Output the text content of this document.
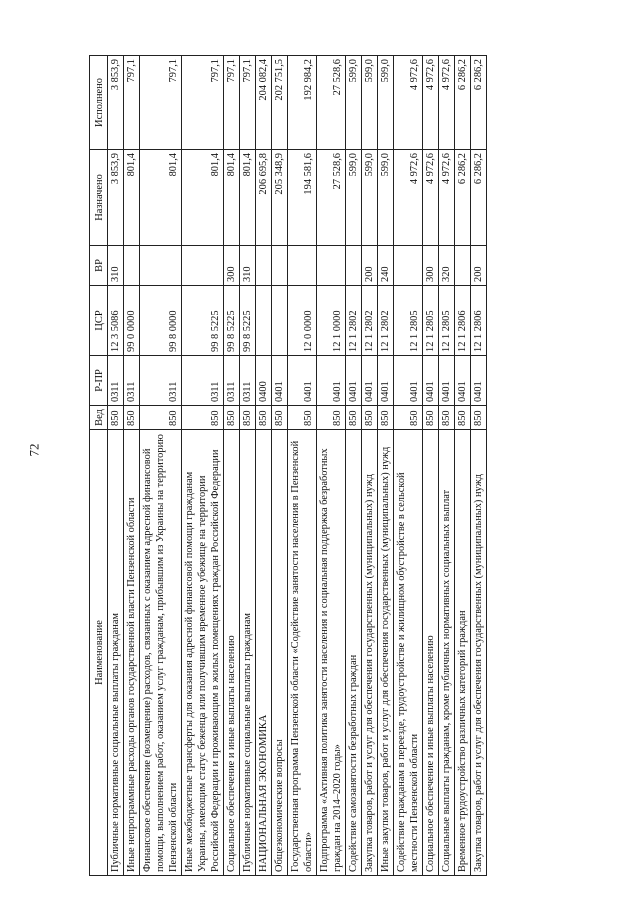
72
Наименование	Вед	Р-ПР	ЦСР	ВР	Назначено	Исполнено
Публичные нормативные социальные выплаты гражданам	850	0311	12 3 5086	310	3 853,9	3 853,9
Иные непрограммные расходы органов государственной власти Пензенской области	850	0311	99 0 0000		801,4	797,1
Финансовое обеспечение (возмещение) расходов, связанных с оказанием адресной финансовой помощи, выполнением работ, оказанием услуг гражданам, прибывшим из Украины на территорию Пензенской области	850	0311	99 8 0000		801,4	797,1
Иные межбюджетные трансферты для оказания адресной финансовой помощи гражданам Украины, имеющим статус беженца или получившим временное убежище на территории Российской Федерации и проживающим в жилых помещениях граждан Российской Федерации	850	0311	99 8 5225		801,4	797,1
Социальное обеспечение и иные выплаты населению	850	0311	99 8 5225	300	801,4	797,1
Публичные нормативные социальные выплаты гражданам	850	0311	99 8 5225	310	801,4	797,1
НАЦИОНАЛЬНАЯ ЭКОНОМИКА	850	0400			206 695,8	204 082,4
Общеэкономические вопросы	850	0401			205 348,9	202 751,5
Государственная программа Пензенской области «Содействие занятости населения в Пензенской области»	850	0401	12 0 0000		194 581,6	192 984,2
Подпрограмма «Активная политика занятости населения и социальная поддержка безработных граждан на 2014–2020 годы»	850	0401	12 1 0000		27 528,6	27 528,6
Содействие самозанятости безработных граждан	850	0401	12 1 2802		599,0	599,0
Закупка товаров, работ и услуг для обеспечения государственных (муниципальных) нужд	850	0401	12 1 2802	200	599,0	599,0
Иные закупки товаров, работ и услуг для обеспечения государственных (муниципальных) нужд	850	0401	12 1 2802	240	599,0	599,0
Содействие гражданам в переезде, трудоустройстве и жилищном обустройстве в сельской местности Пензенской области	850	0401	12 1 2805		4 972,6	4 972,6
Социальное обеспечение и иные выплаты населению	850	0401	12 1 2805	300	4 972,6	4 972,6
Социальные выплаты гражданам, кроме публичных нормативных социальных выплат	850	0401	12 1 2805	320	4 972,6	4 972,6
Временное трудоустройство различных категорий граждан	850	0401	12 1 2806		6 286,2	6 286,2
Закупка товаров, работ и услуг для обеспечения государственных (муниципальных) нужд	850	0401	12 1 2806	200	6 286,2	6 286,2
